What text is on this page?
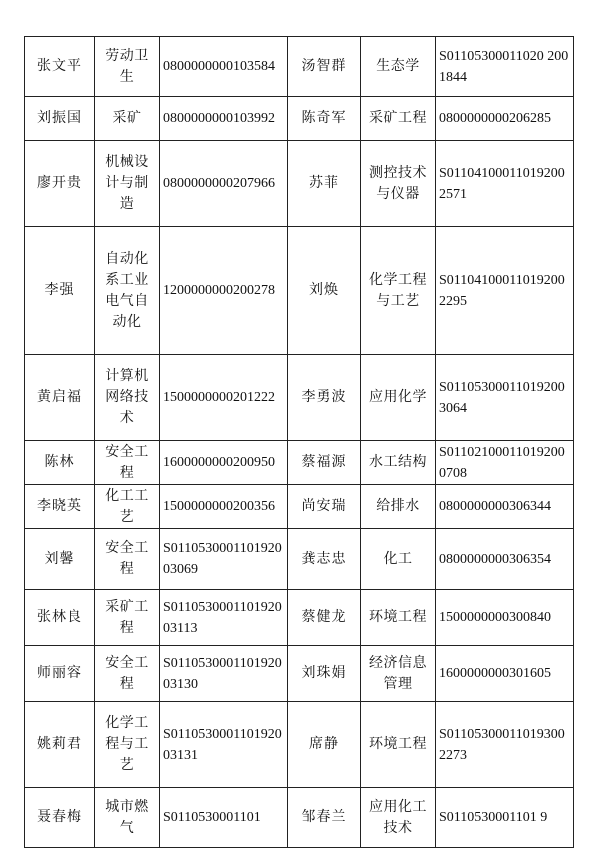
张文平	劳动卫生	0800000000103584	汤智群	生态学	S01105300011020 2001844
刘振国	采矿	0800000000103992	陈奇军	采矿工程	0800000000206285
廖开贵	机械设计与制造	0800000000207966	苏菲	测控技术与仪器	S011041000110192002571
李强	自动化系工业电气自动化	1200000000200278	刘焕	化学工程与工艺	S011041000110192002295
黄启福	计算机网络技术	1500000000201222	李勇波	应用化学	S011053000110192003064
陈林	安全工程	1600000000200950	蔡福源	水工结构	S011021000110192000708
李晓英	化工工艺	1500000000200356	尚安瑞	给排水	0800000000306344
刘馨	安全工程	S011053000110192003069	龚志忠	化工	0800000000306354
张林良	采矿工程	S011053000110192003113	蔡健龙	环境工程	1500000000300840
师丽容	安全工程	S011053000110192003130	刘珠娟	经济信息管理	1600000000301605
姚莉君	化学工程与工艺	S011053000110192003131	席静	环境工程	S011053000110193002273
聂春梅	城市燃气	S0110530001101	邹春兰	应用化工技术	S0110530001101 9
